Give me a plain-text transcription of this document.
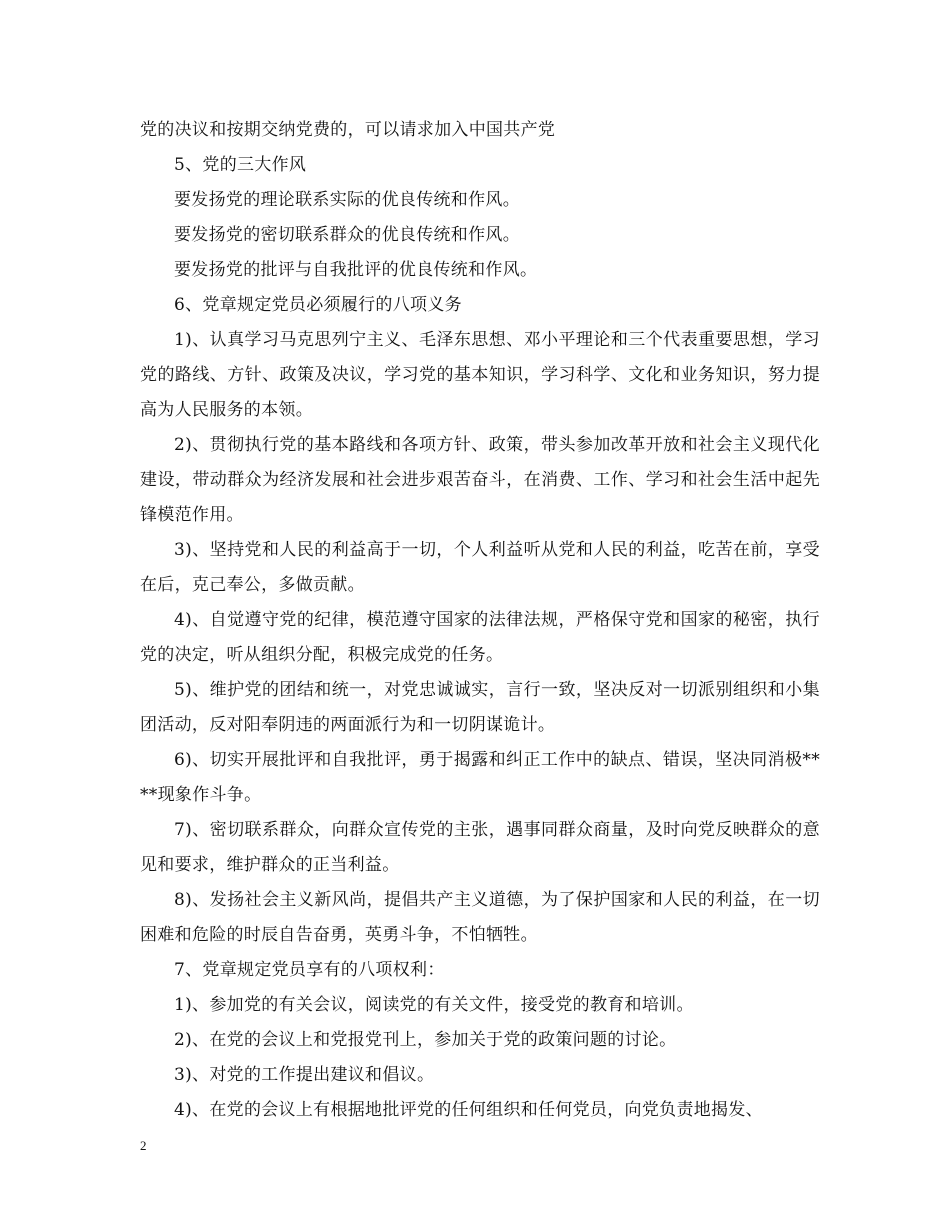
党的决议和按期交纳党费的，可以请求加入中国共产党

5、党的三大作风

要发扬党的理论联系实际的优良传统和作风。

要发扬党的密切联系群众的优良传统和作风。

要发扬党的批评与自我批评的优良传统和作风。

6、党章规定党员必须履行的八项义务

1)、认真学习马克思列宁主义、毛泽东思想、邓小平理论和三个代表重要思想，学习党的路线、方针、政策及决议，学习党的基本知识，学习科学、文化和业务知识，努力提高为人民服务的本领。

2)、贯彻执行党的基本路线和各项方针、政策，带头参加改革开放和社会主义现代化建设，带动群众为经济发展和社会进步艰苦奋斗，在消费、工作、学习和社会生活中起先锋模范作用。

3)、坚持党和人民的利益高于一切，个人利益听从党和人民的利益，吃苦在前，享受在后，克己奉公，多做贡献。

4)、自觉遵守党的纪律，模范遵守国家的法律法规，严格保守党和国家的秘密，执行党的决定，听从组织分配，积极完成党的任务。

5)、维护党的团结和统一，对党忠诚诚实，言行一致，坚决反对一切派别组织和小集团活动，反对阳奉阴违的两面派行为和一切阴谋诡计。

6)、切实开展批评和自我批评，勇于揭露和纠正工作中的缺点、错误，坚决同消极****现象作斗争。

7)、密切联系群众，向群众宣传党的主张，遇事同群众商量，及时向党反映群众的意见和要求，维护群众的正当利益。

8)、发扬社会主义新风尚，提倡共产主义道德，为了保护国家和人民的利益，在一切困难和危险的时辰自告奋勇，英勇斗争，不怕牺牲。

7、党章规定党员享有的八项权利：

1)、参加党的有关会议，阅读党的有关文件，接受党的教育和培训。

2)、在党的会议上和党报党刊上，参加关于党的政策问题的讨论。

3)、对党的工作提出建议和倡议。

4)、在党的会议上有根据地批评党的任何组织和任何党员，向党负责地揭发、

2
